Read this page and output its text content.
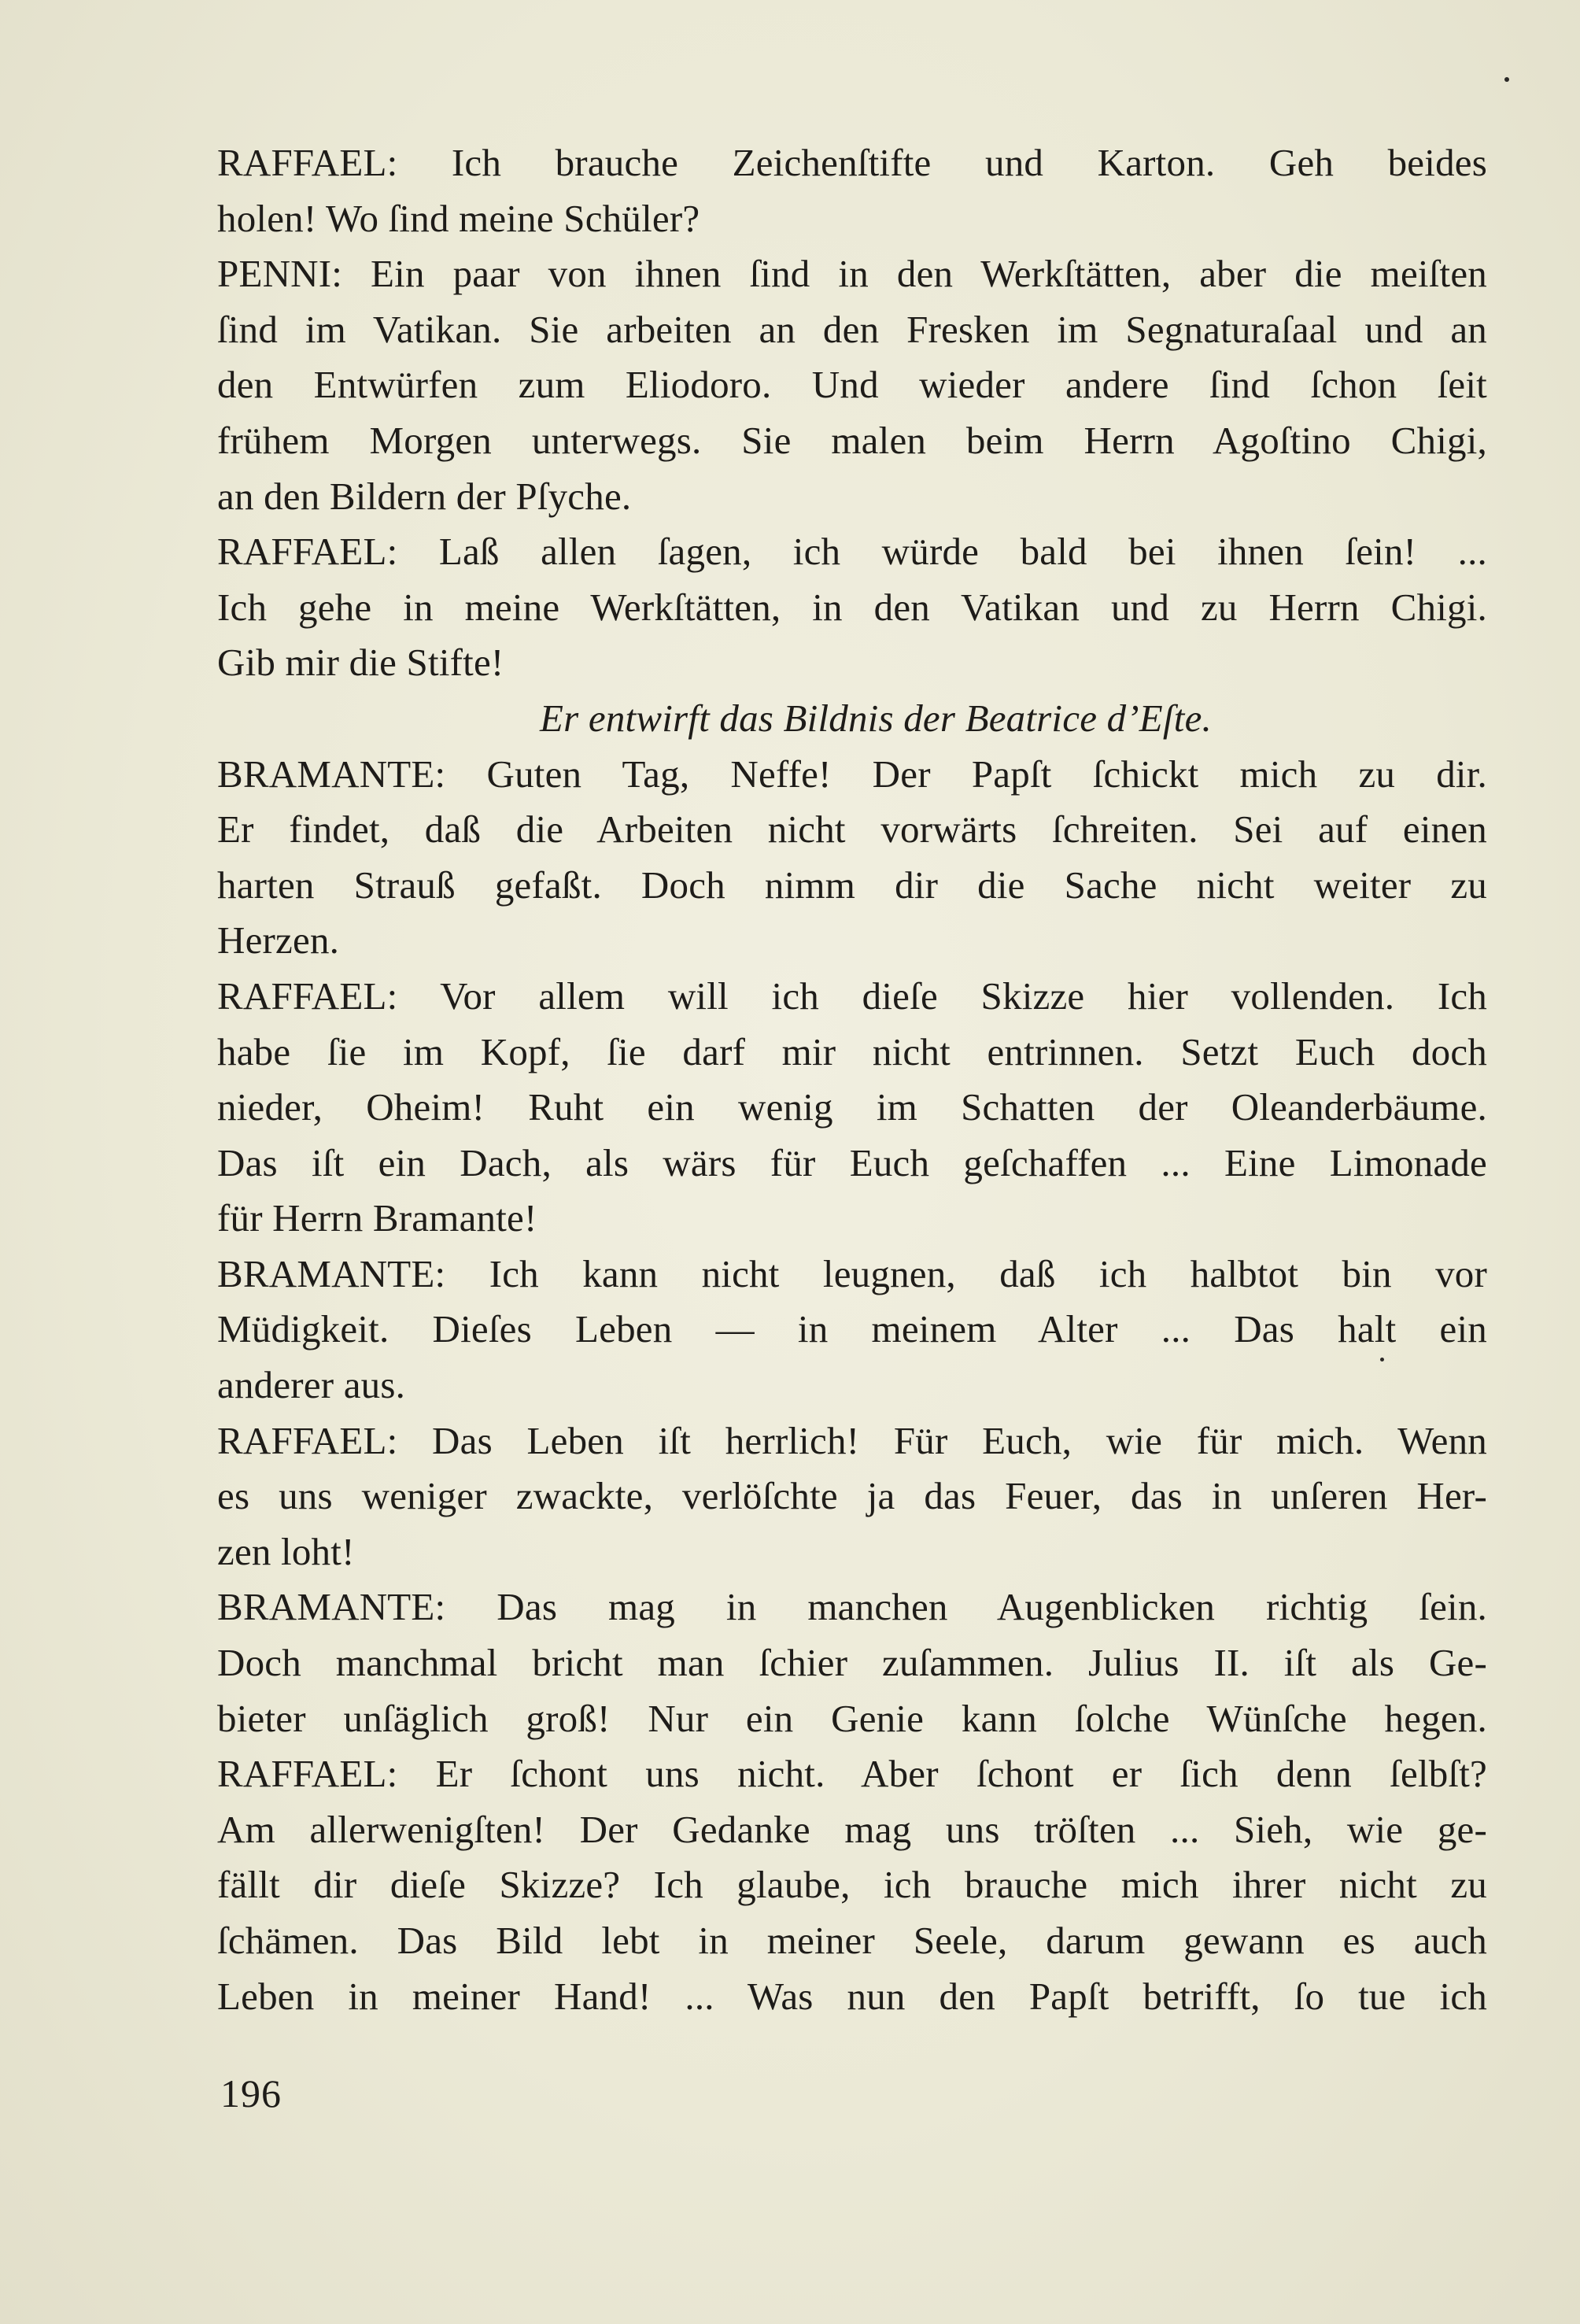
RAFFAEL: Ich brauche Zeichenſtifte und Karton. Geh beides
holen! Wo ſind meine Schüler?
PENNI: Ein paar von ihnen ſind in den Werkſtätten, aber die meiſten
ſind im Vatikan. Sie arbeiten an den Fresken im Segnaturaſaal und an
den Entwürfen zum Eliodoro. Und wieder andere ſind ſchon ſeit
frühem Morgen unterwegs. Sie malen beim Herrn Agoſtino Chigi,
an den Bildern der Pſyche.
RAFFAEL: Laß allen ſagen, ich würde bald bei ihnen ſein! ...
Ich gehe in meine Werkſtätten, in den Vatikan und zu Herrn Chigi.
Gib mir die Stifte!
Er entwirft das Bildnis der Beatrice d’Eſte.
BRAMANTE: Guten Tag, Neffe! Der Papſt ſchickt mich zu dir.
Er findet, daß die Arbeiten nicht vorwärts ſchreiten. Sei auf einen
harten Strauß gefaßt. Doch nimm dir die Sache nicht weiter zu
Herzen.
RAFFAEL: Vor allem will ich dieſe Skizze hier vollenden. Ich
habe ſie im Kopf, ſie darf mir nicht entrinnen. Setzt Euch doch
nieder, Oheim! Ruht ein wenig im Schatten der Oleanderbäume.
Das iſt ein Dach, als wärs für Euch geſchaffen ... Eine Limonade
für Herrn Bramante!
BRAMANTE: Ich kann nicht leugnen, daß ich halbtot bin vor
Müdigkeit. Dieſes Leben — in meinem Alter ... Das halt ein
anderer aus.
RAFFAEL: Das Leben iſt herrlich! Für Euch, wie für mich. Wenn
es uns weniger zwackte, verlöſchte ja das Feuer, das in unſeren Her-
zen loht!
BRAMANTE: Das mag in manchen Augenblicken richtig ſein.
Doch manchmal bricht man ſchier zuſammen. Julius II. iſt als Ge-
bieter unſäglich groß! Nur ein Genie kann ſolche Wünſche hegen.
RAFFAEL: Er ſchont uns nicht. Aber ſchont er ſich denn ſelbſt?
Am allerwenigſten! Der Gedanke mag uns tröſten ... Sieh, wie ge-
fällt dir dieſe Skizze? Ich glaube, ich brauche mich ihrer nicht zu
ſchämen. Das Bild lebt in meiner Seele, darum gewann es auch
Leben in meiner Hand! ... Was nun den Papſt betrifft, ſo tue ich
196
